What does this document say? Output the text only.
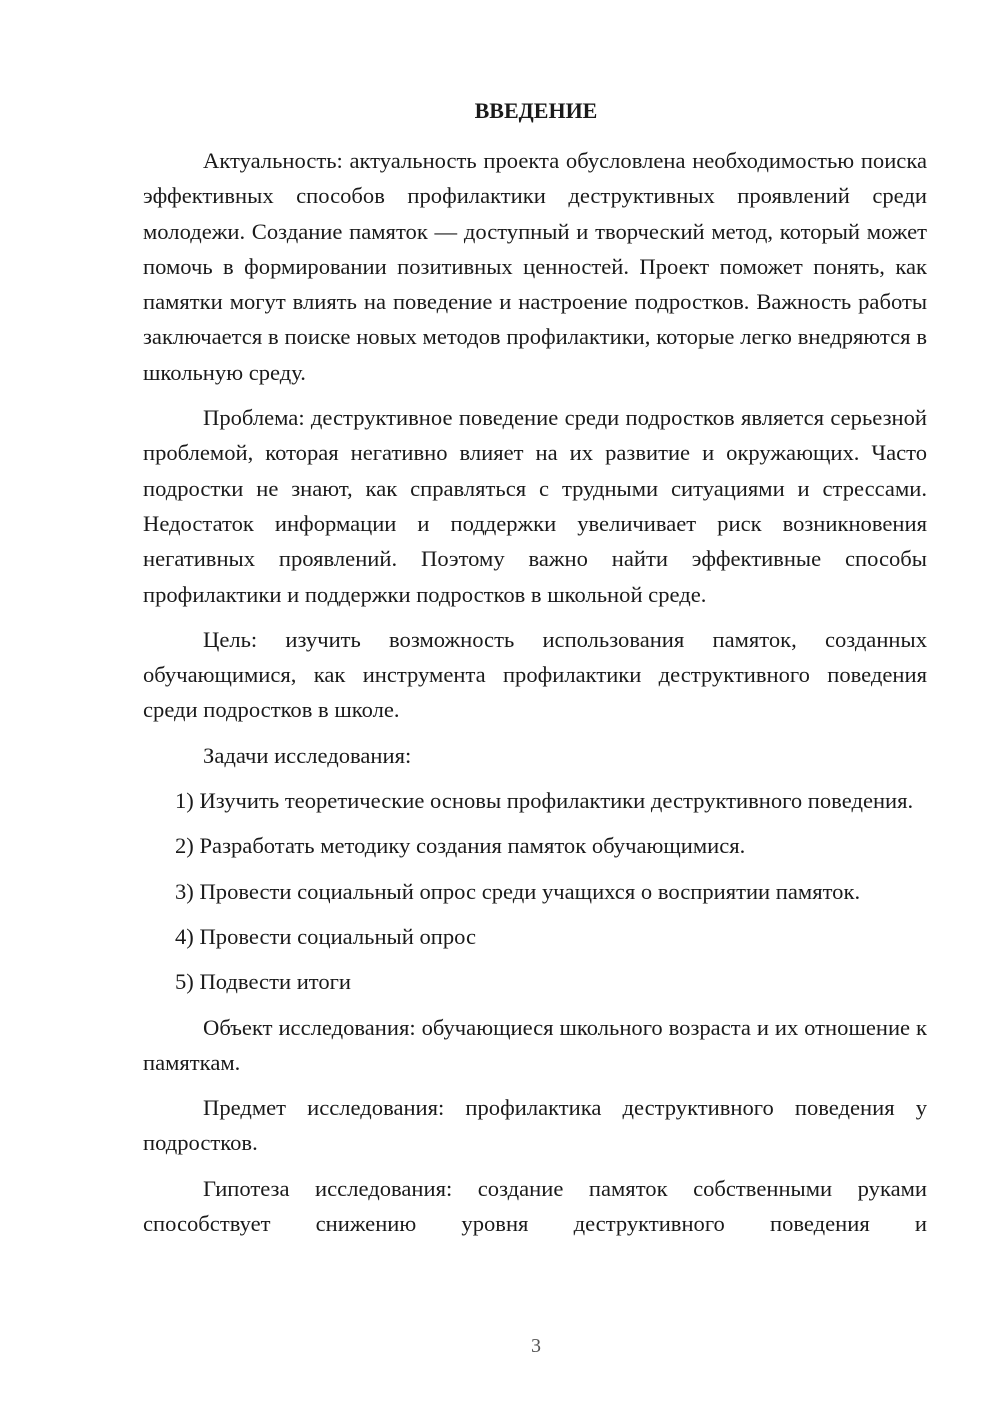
ВВЕДЕНИЕ

Актуальность: актуальность проекта обусловлена необходимостью поиска эффективных способов профилактики деструктивных проявлений среди молодежи. Создание памяток — доступный и творческий метод, который может помочь в формировании позитивных ценностей. Проект поможет понять, как памятки могут влиять на поведение и настроение подростков. Важность работы заключается в поиске новых методов профилактики, которые легко внедряются в школьную среду.

Проблема: деструктивное поведение среди подростков является серьезной проблемой, которая негативно влияет на их развитие и окружающих. Часто подростки не знают, как справляться с трудными ситуациями и стрессами. Недостаток информации и поддержки увеличивает риск возникновения негативных проявлений. Поэтому важно найти эффективные способы профилактики и поддержки подростков в школьной среде.

Цель: изучить возможность использования памяток, созданных обучающимися, как инструмента профилактики деструктивного поведения среди подростков в школе.

Задачи исследования:

1) Изучить теоретические основы профилактики деструктивного поведения.

2) Разработать методику создания памяток обучающимися.

3) Провести социальный опрос среди учащихся о восприятии памяток.

4) Провести социальный опрос

5) Подвести итоги

Объект исследования: обучающиеся школьного возраста и их отношение к памяткам.

Предмет исследования: профилактика деструктивного поведения у подростков.

Гипотеза исследования: создание памяток собственными руками способствует снижению уровня деструктивного поведения и

3
